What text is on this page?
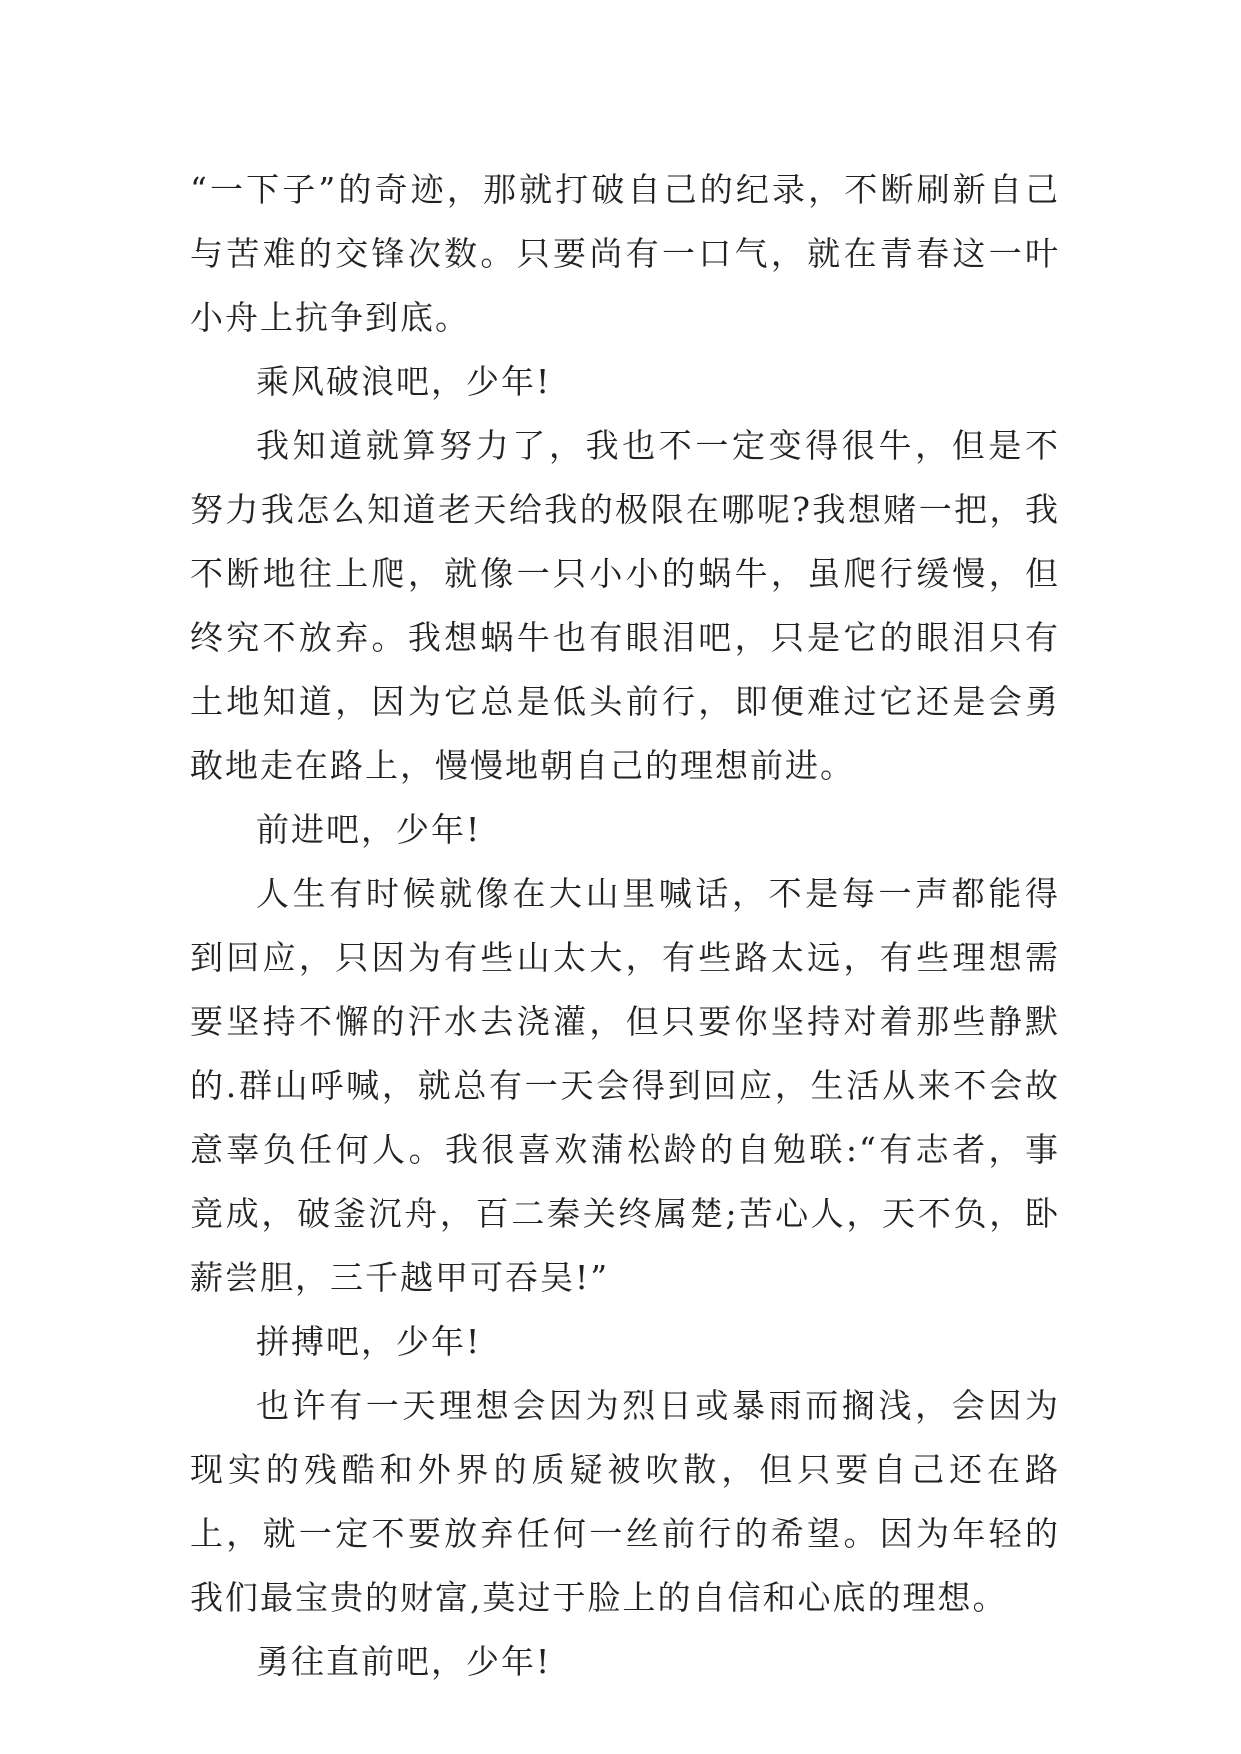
“一下子”的奇迹，那就打破自己的纪录，不断刷新自己与苦难的交锋次数。只要尚有一口气，就在青春这一叶小舟上抗争到底。

乘风破浪吧，少年!

我知道就算努力了，我也不一定变得很牛，但是不努力我怎么知道老天给我的极限在哪呢?我想赌一把，我不断地往上爬，就像一只小小的蜗牛，虽爬行缓慢，但终究不放弃。我想蜗牛也有眼泪吧，只是它的眼泪只有土地知道，因为它总是低头前行，即便难过它还是会勇敢地走在路上，慢慢地朝自己的理想前进。

前进吧，少年!

人生有时候就像在大山里喊话，不是每一声都能得到回应，只因为有些山太大，有些路太远，有些理想需要坚持不懈的汗水去浇灌，但只要你坚持对着那些静默的.群山呼喊，就总有一天会得到回应，生活从来不会故意辜负任何人。我很喜欢蒲松龄的自勉联:“有志者，事竟成，破釜沉舟，百二秦关终属楚;苦心人，天不负，卧薪尝胆，三千越甲可吞吴!”

拼搏吧，少年!

也许有一天理想会因为烈日或暴雨而搁浅，会因为现实的残酷和外界的质疑被吹散，但只要自己还在路上，就一定不要放弃任何一丝前行的希望。因为年轻的我们最宝贵的财富,莫过于脸上的自信和心底的理想。

勇往直前吧，少年!
